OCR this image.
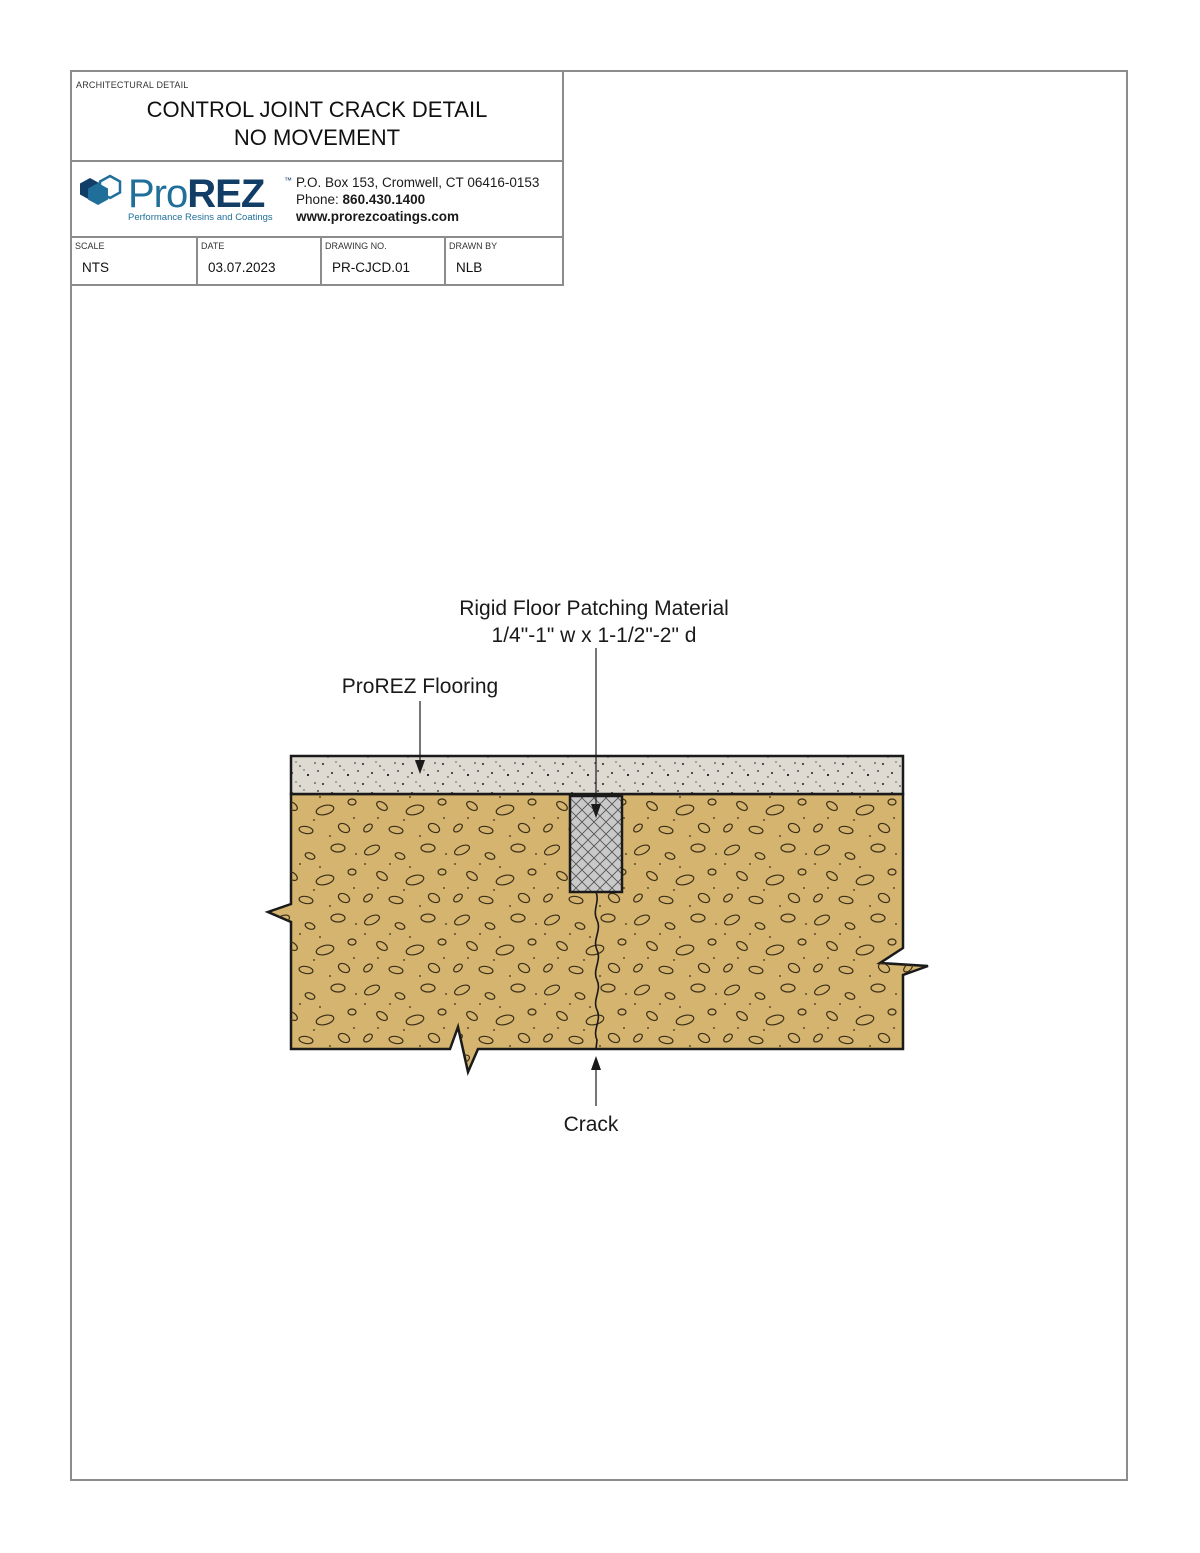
Rigid Floor Patching Material
1/4"-1" w x 1-1/2"-2" d
ProREZ Flooring
Crack
ARCHITECTURAL DETAIL
CONTROL JOINT CRACK DETAIL
NO MOVEMENT
ProREZ ™
Performance Resins and Coatings
P.O. Box 153, Cromwell, CT 06416-0153
Phone: 860.430.1400
www.prorezcoatings.com
SCALE
NTS
DATE
03.07.2023
DRAWING NO.
PR-CJCD.01
DRAWN BY
NLB
